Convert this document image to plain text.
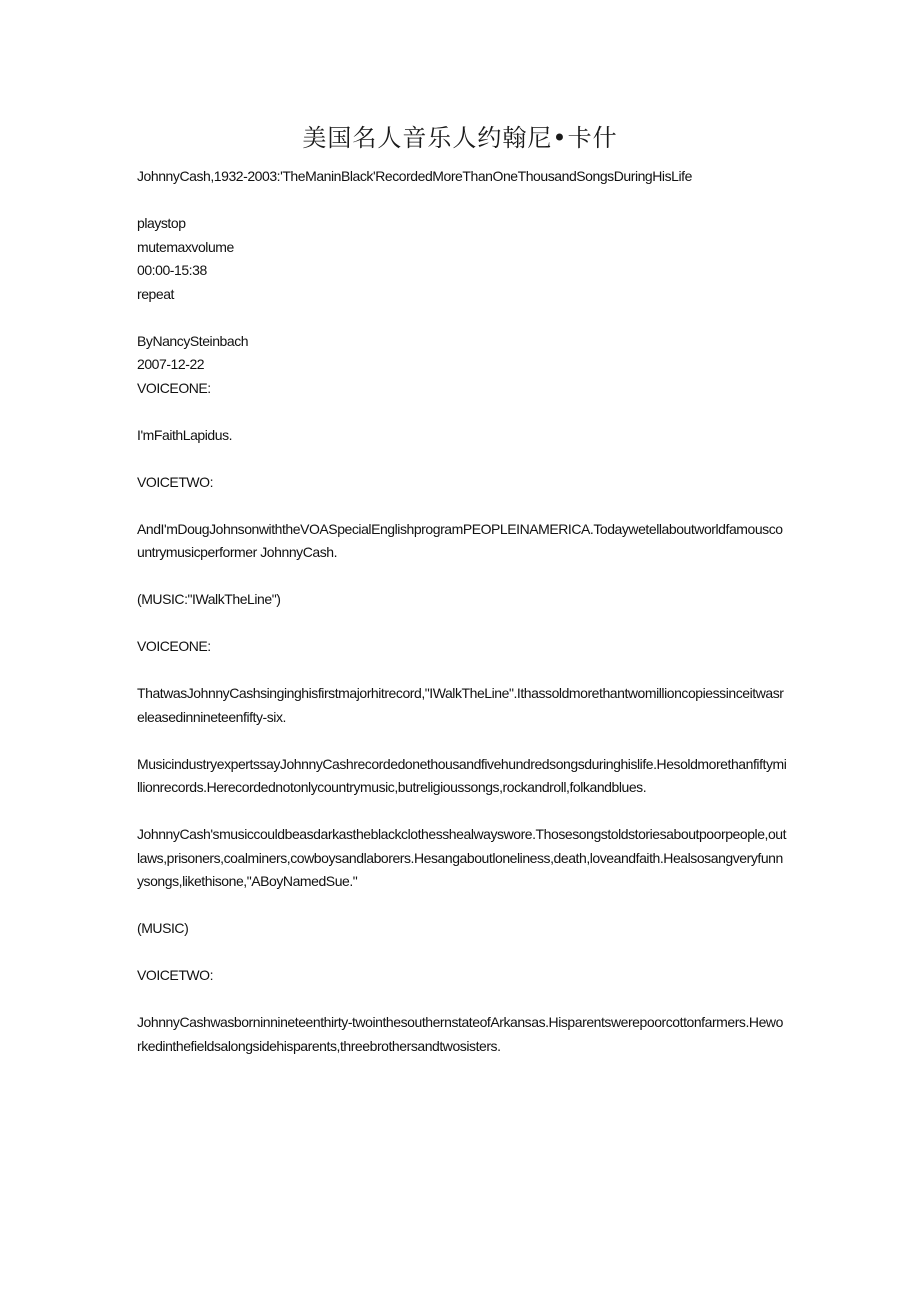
美国名人音乐人约翰尼•卡什

JohnnyCash,1932-2003:'TheManinBlack'RecordedMoreThanOneThousandSongsDuringHisLife

playstop

mutemaxvolume

00:00-15:38

repeat

ByNancySteinbach

2007-12-22

VOICEONE:

I'mFaithLapidus.

VOICETWO:

AndI'mDougJohnsonwiththeVOASpecialEnglishprogramPEOPLEINAMERICA.Todaywetellaboutworldfamouscountrymusicperformer JohnnyCash.

(MUSIC:"IWalkTheLine")

VOICEONE:

ThatwasJohnnyCashsinginghisfirstmajorhitrecord,"IWalkTheLine".Ithassoldmorethantwomillioncopiessinceitwasreleasedinnineteenfifty-six.

MusicindustryexpertssayJohnnyCashrecordedonethousandfivehundredsongsduringhislife.Hesoldmorethanfiftymillionrecords.Herecordednotonlycountrymusic,butreligioussongs,rockandroll,folkandblues.

JohnnyCash'smusiccouldbeasdarkastheblackclothesshealwayswore.Thosesongstoldstoriesaboutpoorpeople,outlaws,prisoners,coalminers,cowboysandlaborers.Hesangaboutloneliness,death,loveandfaith.Healsosangveryfunnysongs,likethisone,"ABoyNamedSue."

(MUSIC)

VOICETWO:

JohnnyCashwasborninnineteenthirty-twointhesouthernstateofArkansas.Hisparentswerepoorcottonfarmers.Heworkedinthefieldsalongsidehisparents,threebrothersandtwosisters.
